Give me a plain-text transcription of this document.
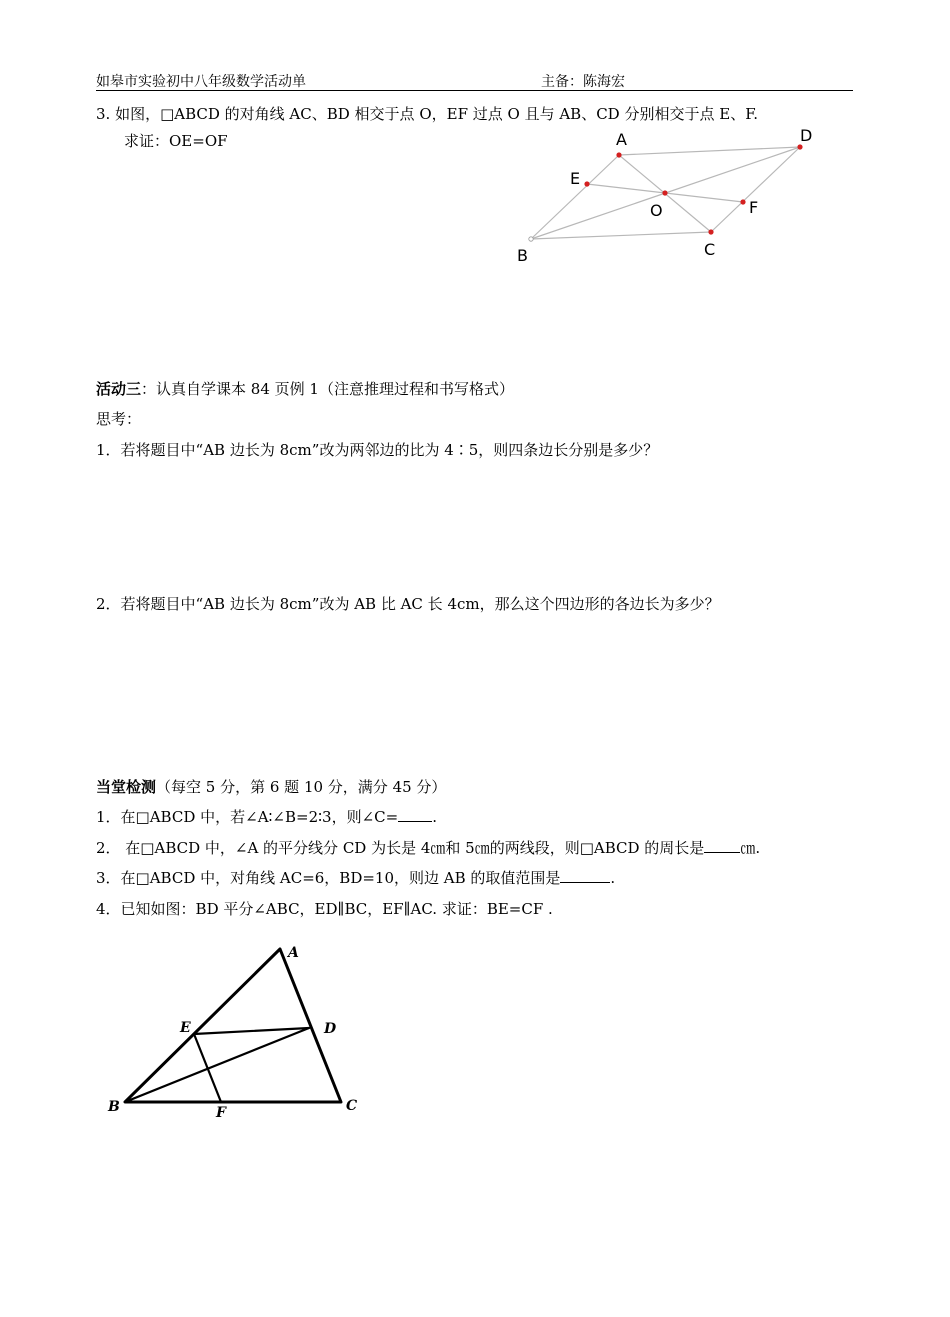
如皋市实验初中八年级数学活动单	主备：陈海宏
3. 如图，□ABCD 的对角线 AC、BD 相交于点 O，EF 过点 O 且与 AB、CD 分别相交于点 E、F.
求证：OE=OF	A	D
E
O	F
C
B
活动三：认真自学课本 84 页例 1（注意推理过程和书写格式）
思考：
1．若将题目中“AB 边长为 8cm”改为两邻边的比为 4∶5，则四条边长分别是多少？
2．若将题目中“AB 边长为 8cm”改为 AB 比 AC 长 4cm，那么这个四边形的各边长为多少？
当堂检测（每空 5 分，第 6 题 10 分，满分 45 分）
1．在□ABCD 中，若∠A∶∠B=2∶3，则∠C= .
2． 在□ABCD 中，∠A 的平分线分 CD 为长是 4㎝和 5㎝的两线段，则□ABCD 的周长是 ㎝.
3．在□ABCD 中，对角线 AC=6，BD=10，则边 AB 的取值范围是	.
4．已知如图：BD 平分∠ABC，ED∥BC，EF∥AC. 求证：BE=CF .
A
E	D
B	F	C
